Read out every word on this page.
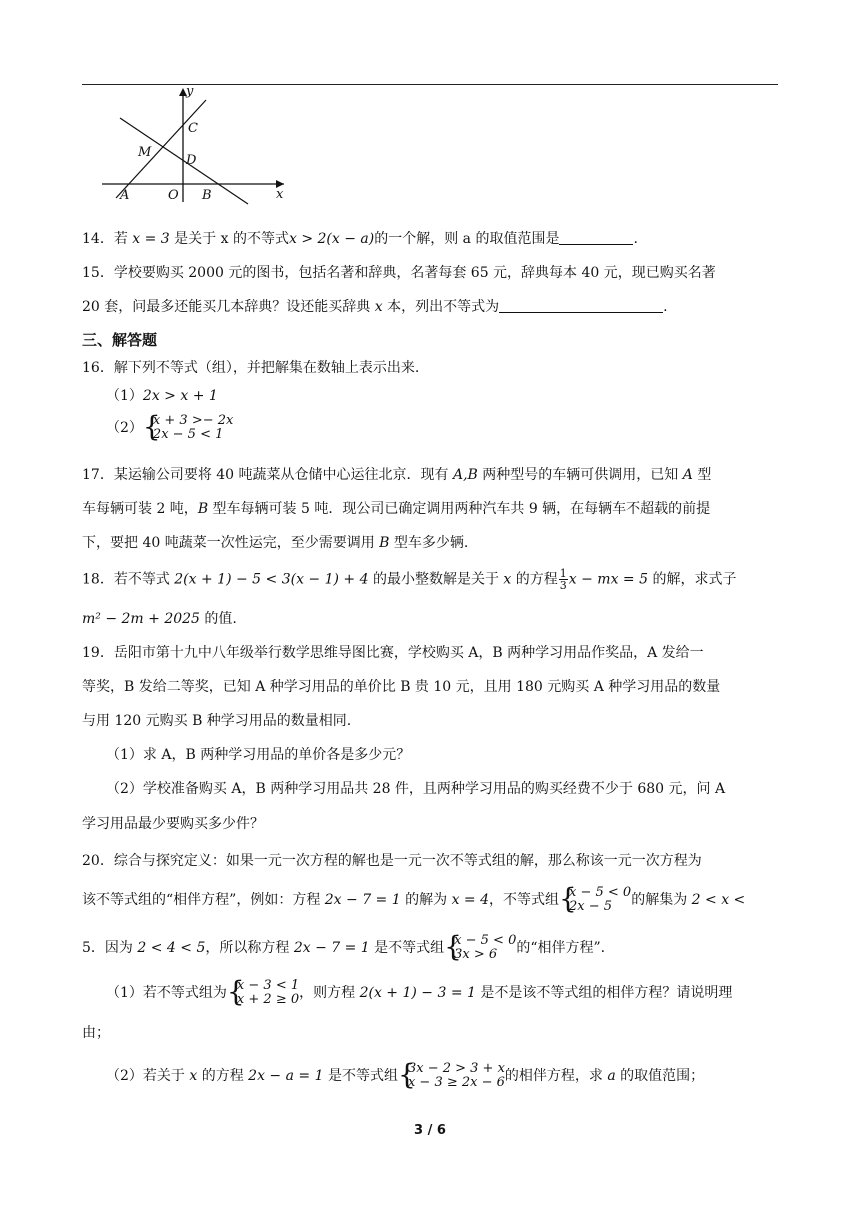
y
x
C
M
D
A	O B
14．若 x = 3 是关于 x 的不等式x > 2(x − a)的一个解，则 a 的取值范围是	.
15．学校要购买 2000 元的图书，包括名著和辞典，名著每套 65 元，辞典每本 40 元，现已购买名著
20 套，问最多还能买几本辞典？设还能买辞典 x 本，列出不等式为	.
三、解答题
16．解下列不等式（组），并把解集在数轴上表示出来.
（1）2x > x + 1
（2） { x + 3 >− 2x
2x − 5 < 1
17．某运输公司要将 40 吨蔬菜从仓储中心运往北京．现有 A,B 两种型号的车辆可供调用，已知 A 型
车每辆可装 2 吨，B 型车每辆可装 5 吨．现公司已确定调用两种汽车共 9 辆，在每辆车不超载的前提
下，要把 40 吨蔬菜一次性运完，至少需要调用 B 型车多少辆.
18．若不等式 2(x + 1) − 5 < 3(x − 1) + 4 的最小整数解是关于 x 的方程 $\frac{1}{3}$ x − mx = 5 的解，求式子
m² − 2m + 2025 的值.
19．岳阳市第十九中八年级举行数学思维导图比赛，学校购买 A，B 两种学习用品作奖品，A 发给一
等奖，B 发给二等奖，已知 A 种学习用品的单价比 B 贵 10 元，且用 180 元购买 A 种学习用品的数量
与用 120 元购买 B 种学习用品的数量相同.
（1）求 A，B 两种学习用品的单价各是多少元？
（2）学校准备购买 A，B 两种学习用品共 28 件，且两种学习用品的购买经费不少于 680 元，问 A
学习用品最少要购买多少件？
20．综合与探究定义：如果一元一次方程的解也是一元一次不等式组的解，那么称该一元一次方程为
该不等式组的“相伴方程”，例如：方程 2x − 7 = 1 的解为 x = 4，不等式组 { x − 5 < 0
2x − 5	的解集为 2 < x <
5．因为 2 < 4 < 5，所以称方程 2x − 7 = 1 是不等式组 { x − 5 < 0
3x > 6	的“相伴方程”.
（1）若不等式组为 { x − 3 < 1
x + 2 ≥ 0 ，则方程 2(x + 1) − 3 = 1 是不是该不等式组的相伴方程？请说明理
由；
（2）若关于 x 的方程 2x − a = 1 是不等式组 { 3x − 2 > 3 + x
x − 3 ≥ 2x − 6 的相伴方程，求 a 的取值范围；
3 / 6
